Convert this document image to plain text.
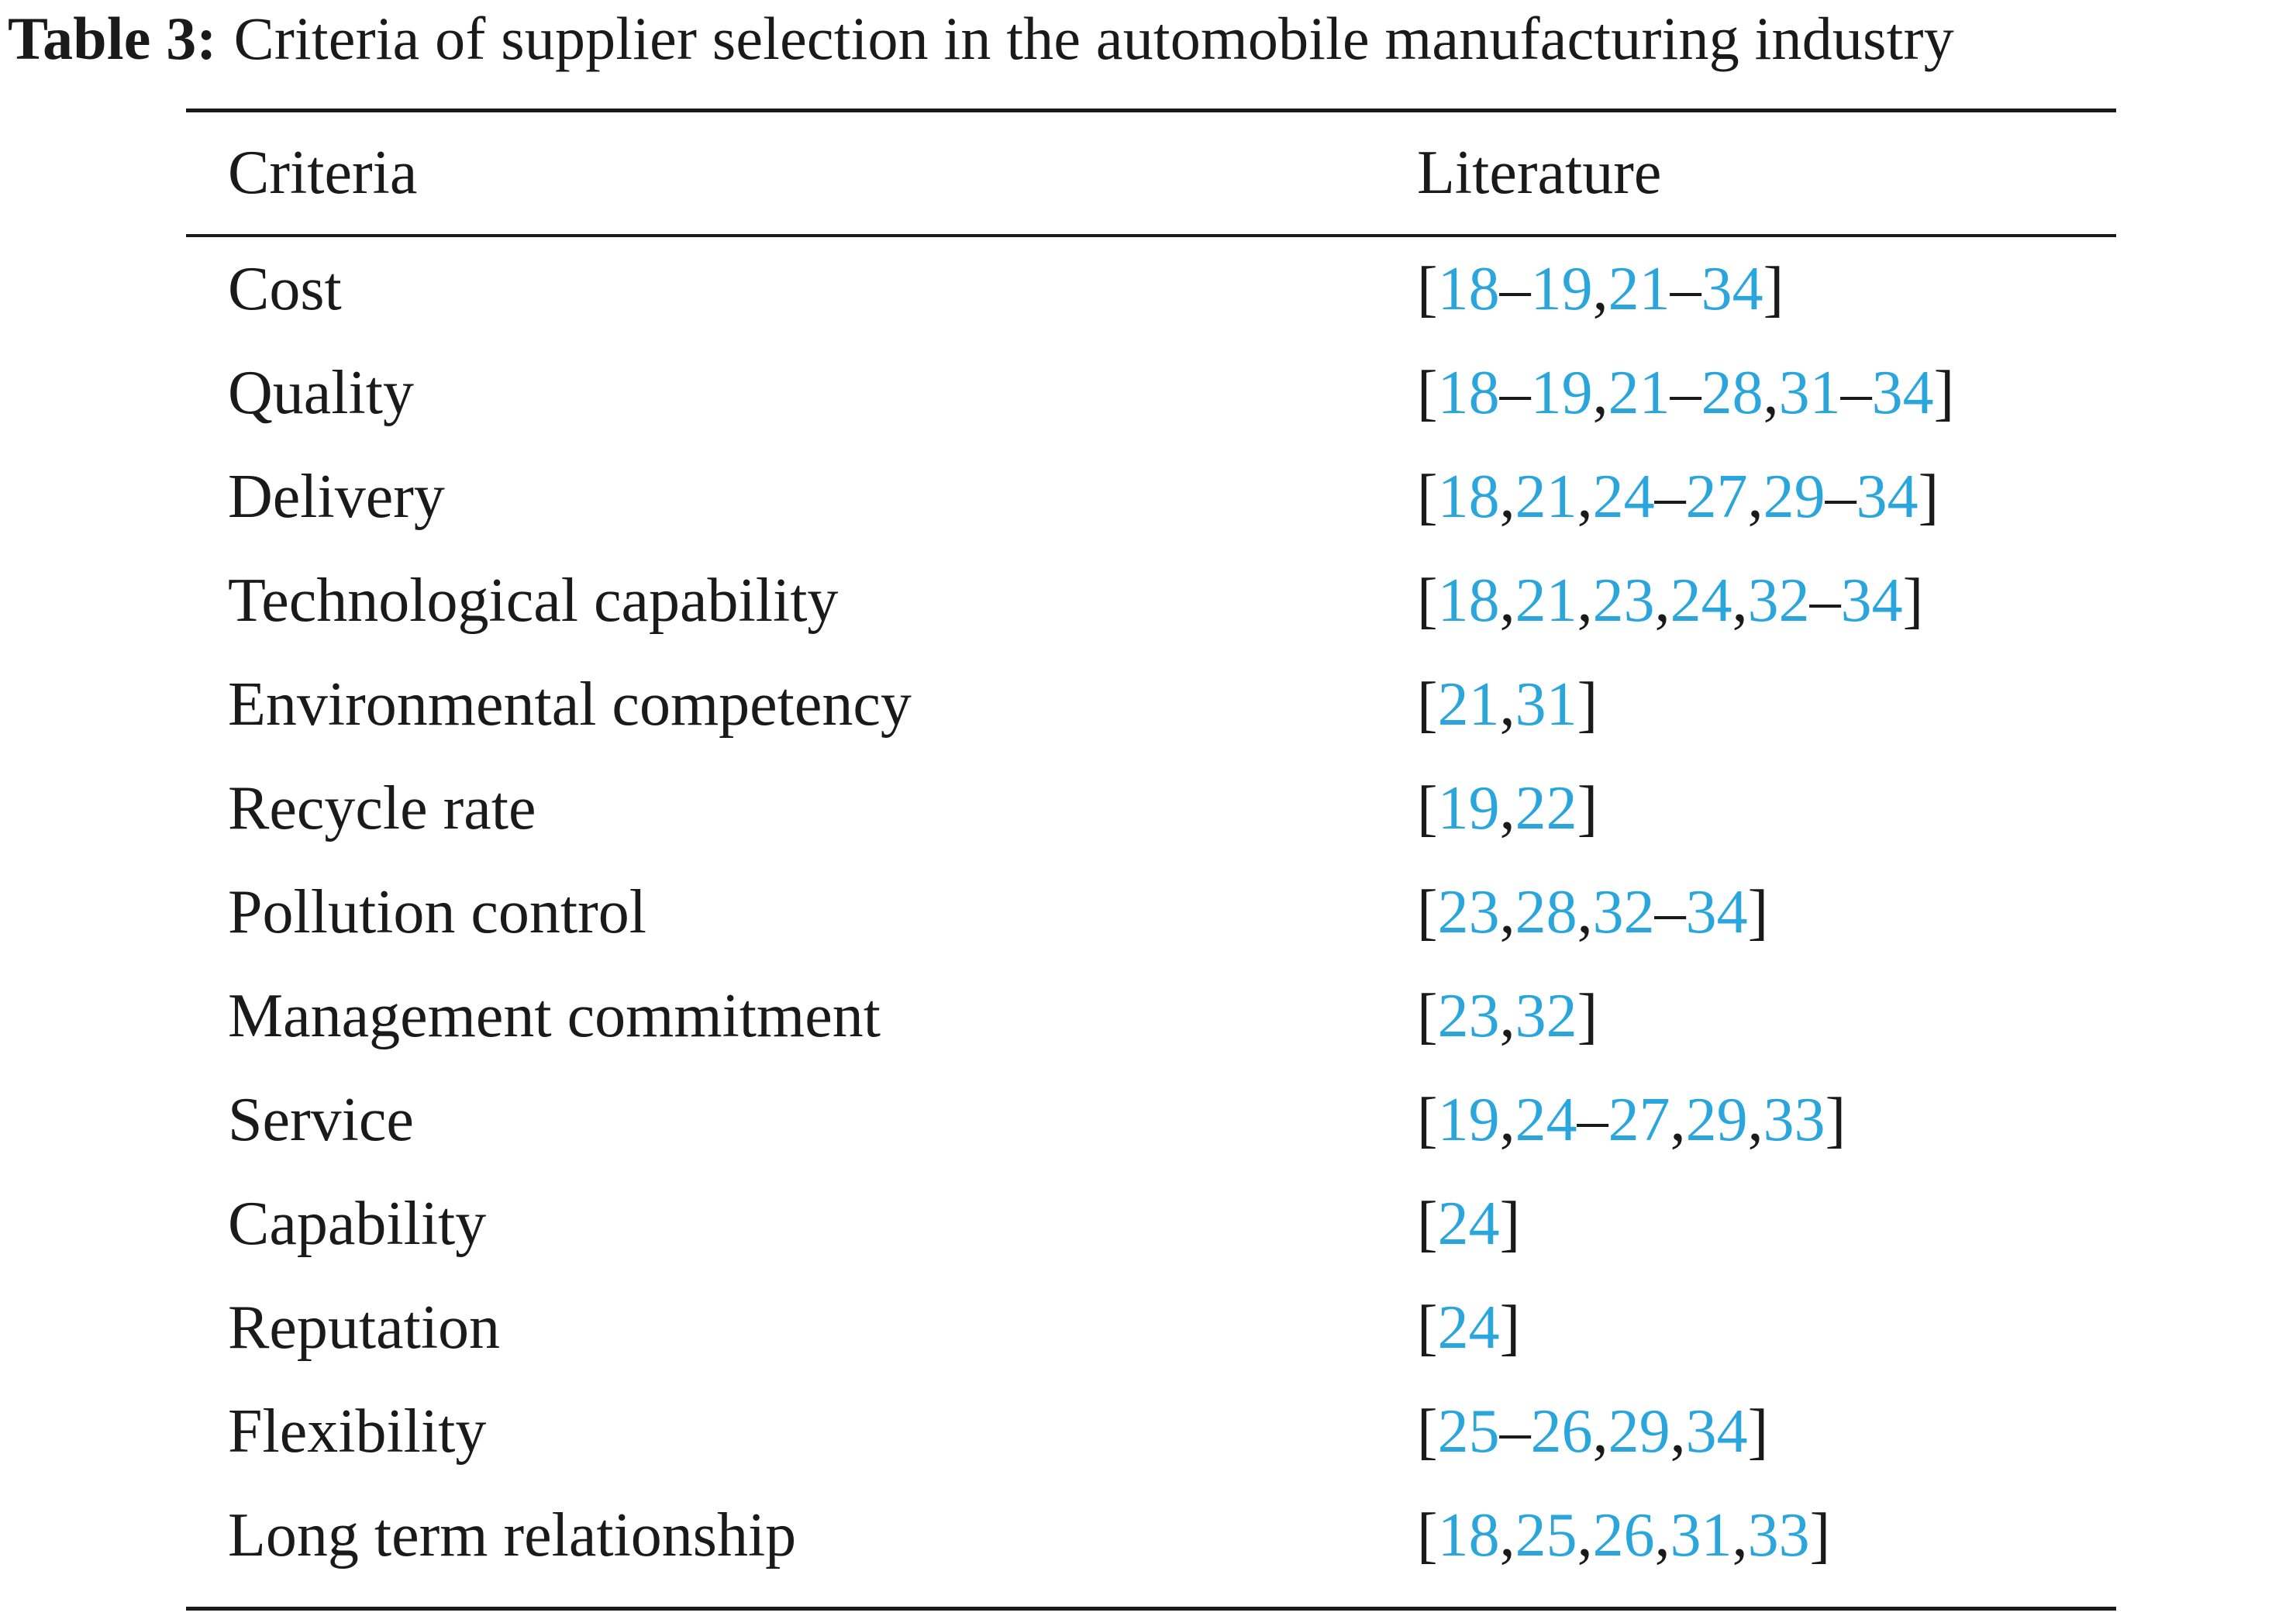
Table 3: Criteria of supplier selection in the automobile manufacturing industry
Criteria	Literature
Cost	[ 18 – 19 , 21 – 34 ]
Quality	[ 18 – 19 , 21 – 28 , 31 – 34 ]
Delivery	[ 18 , 21 , 24 – 27 , 29 – 34 ]
Technological capability	[ 18 , 21 , 23 , 24 , 32 – 34 ]
Environmental competency	[ 21 , 31 ]
Recycle rate	[ 19 , 22 ]
Pollution control	[ 23 , 28 , 32 – 34 ]
Management commitment	[ 23 , 32 ]
Service	[ 19 , 24 – 27 , 29 , 33 ]
Capability	[ 24 ]
Reputation	[ 24 ]
Flexibility	[ 25 – 26 , 29 , 34 ]
Long term relationship	[ 18 , 25 , 26 , 31 , 33 ]
